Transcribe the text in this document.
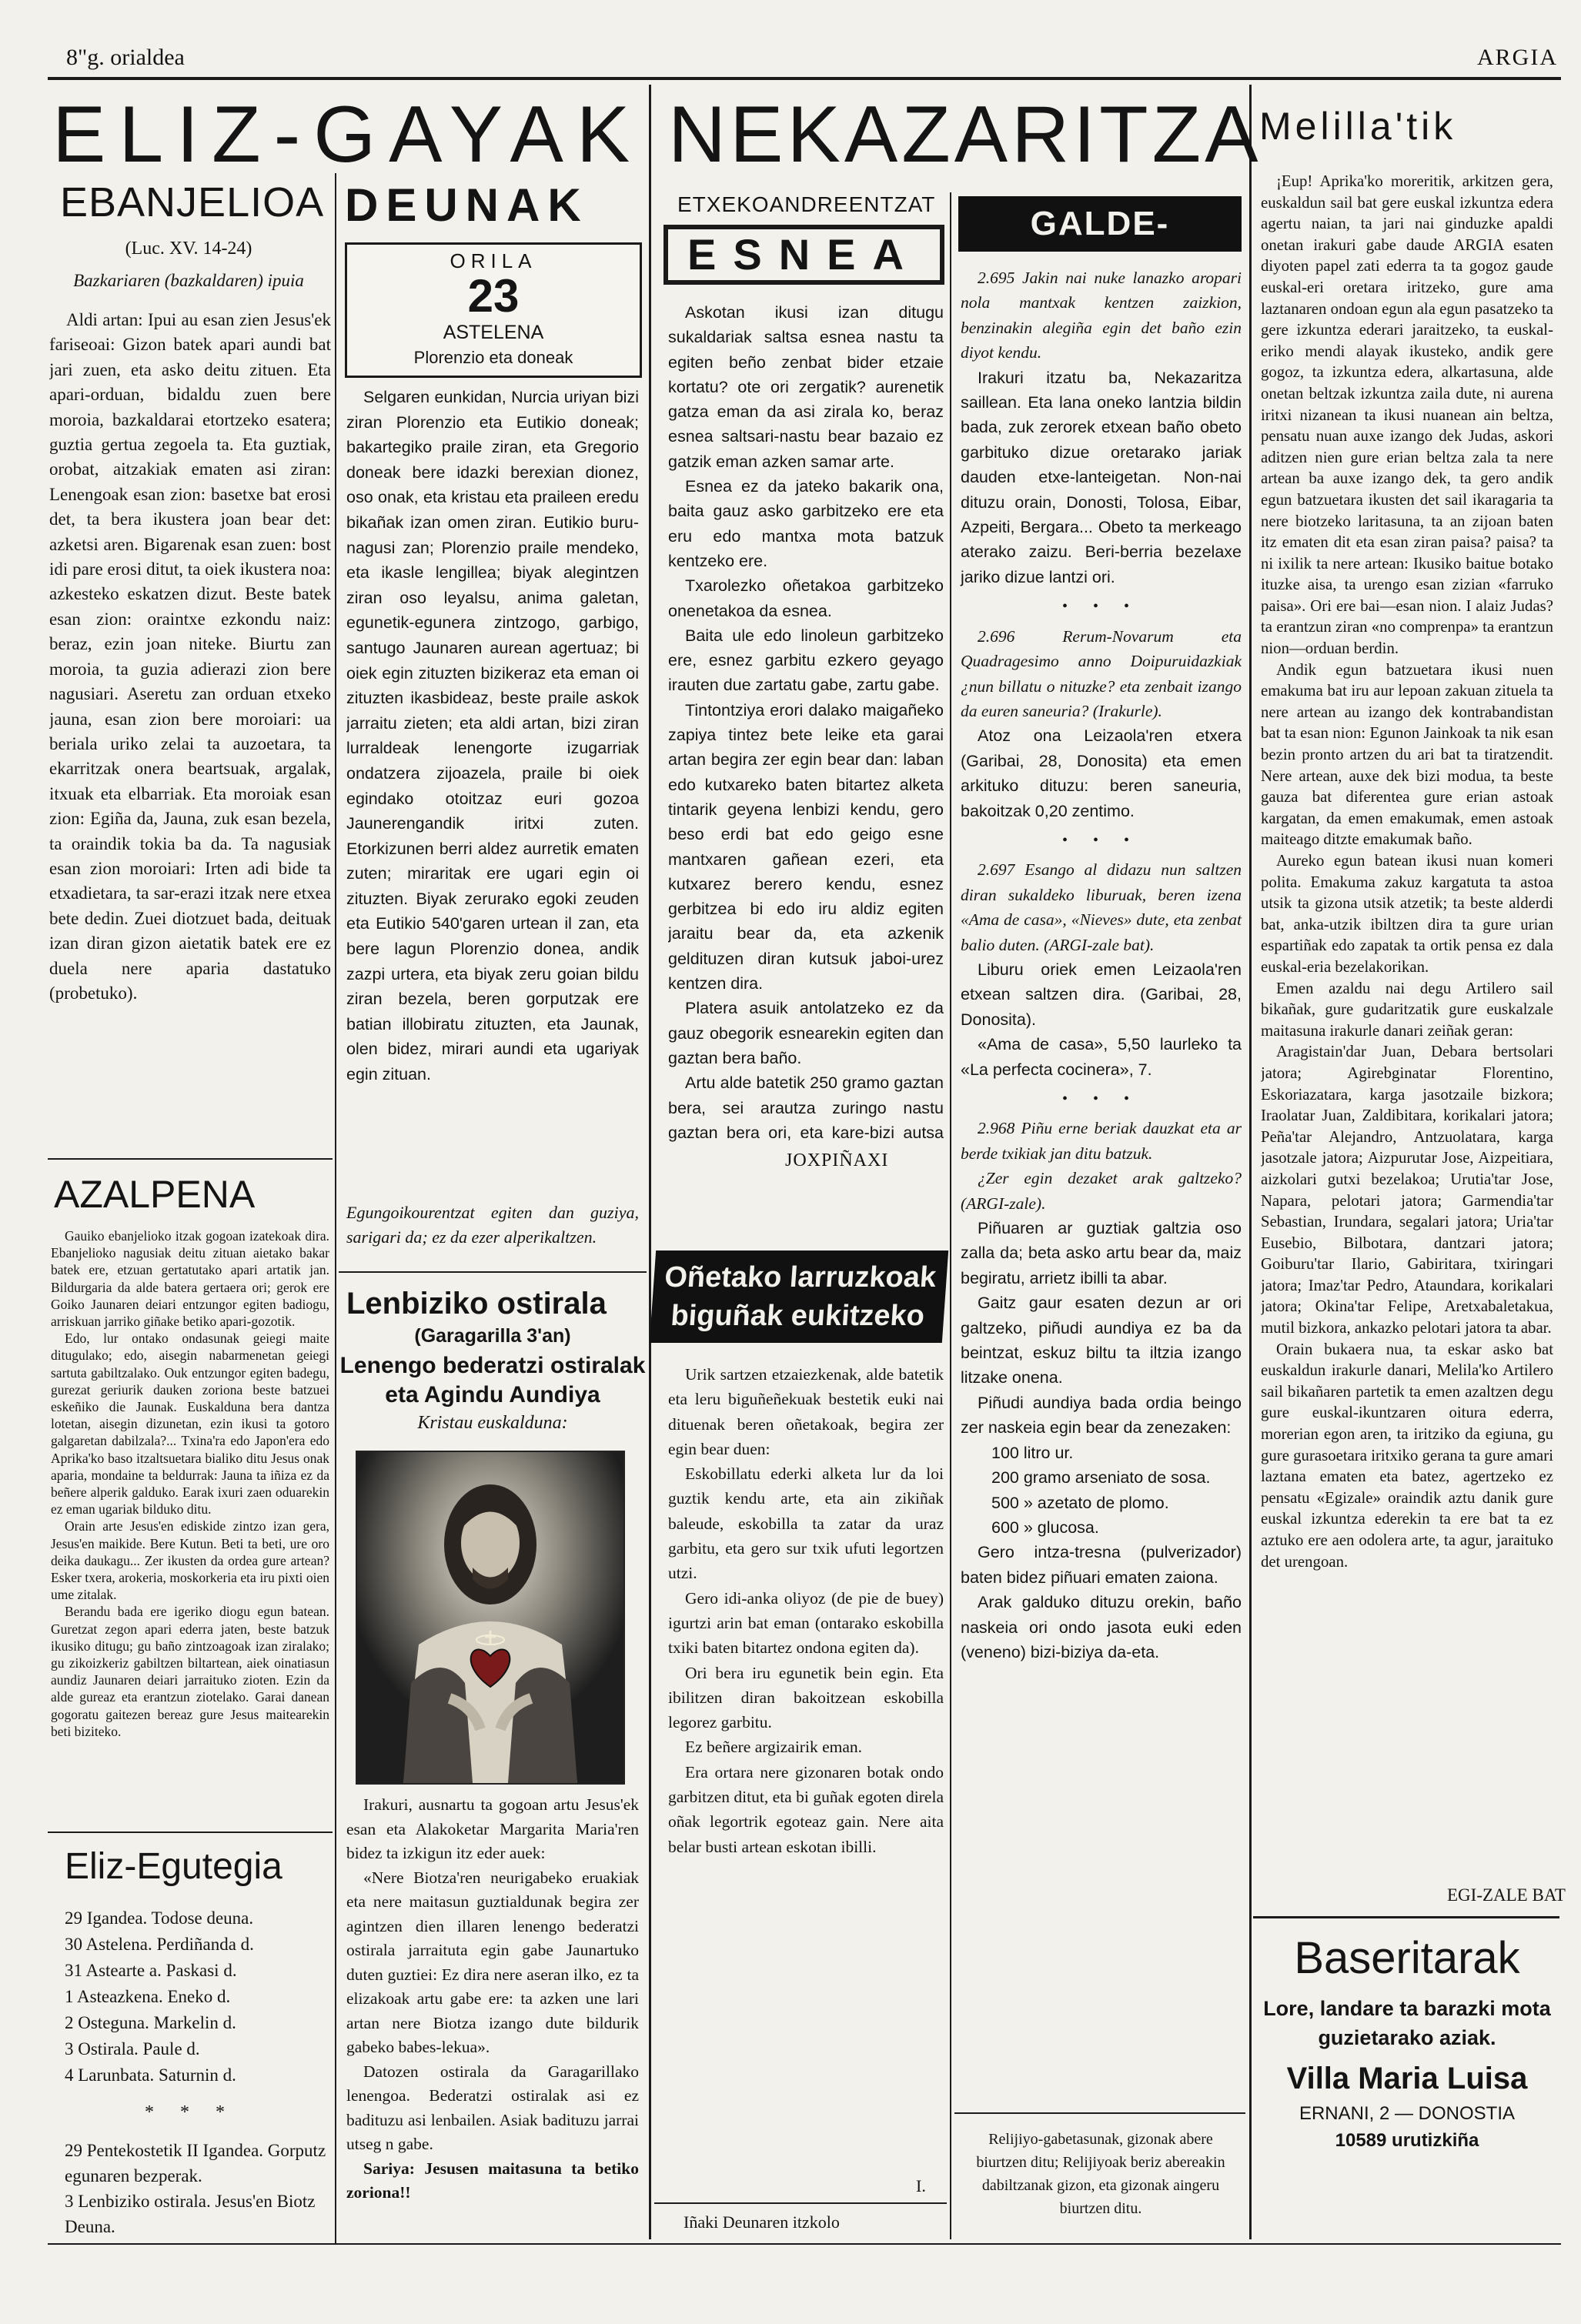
8"g. orialdea	ARGIA
ELIZ-GAYAK
EBANJELIOA DEUNAK
(Luc. XV. 14-24)
Bazkariaren (bazkaldaren) ipuia

Aldi artan: Ipui au esan zien Jesus'ek fariseoai: Gizon batek apari aundi bat jari zuen, eta asko deitu zituen. Eta apari-orduan, bidaldu zuen bere moroia, bazkaldarai etortzeko esatera; guztia gertua zegoela ta. Eta guztiak, orobat, aitzakiak ematen asi ziran: Lenengoak esan zion: basetxe bat erosi det, ta bera ikustera joan bear det: azketsi aren. Bigarenak esan zuen: bost idi pare erosi ditut, ta oiek ikustera noa: azkesteko eskatzen dizut. Beste batek esan zion: oraintxe ezkondu naiz: beraz, ezin joan niteke. Biurtu zan moroia, ta guzia adierazi zion bere nagusiari. Aseretu zan orduan etxeko jauna, esan zion bere moroiari: ua beriala uriko zelai ta auzoetara, ta ekarritzak onera beartsuak, argalak, itxuak eta elbarriak. Eta moroiak esan zion: Egiña da, Jauna, zuk esan bezela, ta oraindik tokia ba da. Ta nagusiak esan zion moroiari: Irten adi bide ta etxadietara, ta sar-erazi itzak nere etxea bete dedin. Zuei diotzuet bada, deituak izan diran gizon aietatik batek ere ez duela nere aparia dastatuko (probetuko).

AZALPENA

Gauiko ebanjelioko itzak gogoan izatekoak dira. Ebanjelioko nagusiak deitu zituan aietako bakar batek ere, etzuan gertatutako apari artatik jan. Bildurgaria da alde batera gertaera ori; gerok ere Goiko Jaunaren deiari entzungor egiten badiogu, arriskuan jarriko giñake betiko apari-gozotik.

Edo, lur ontako ondasunak geiegi maite ditugulako; edo, aisegin nabarmenetan geiegi sartuta gabiltzalako. Ouk entzungor egiten badegu, gurezat geriurik dauken zoriona beste batzuei eskeñiko die Jaunak. Euskalduna bera dantza lotetan, aisegin dizunetan, ezin ikusi ta gotoro galgaretan dabilzala?... Txina'ra edo Japon'era edo Aprika'ko baso itzaltsuetara bialiko ditu Jesus onak aparia, mondaine ta beldurrak: Jauna ta iñiza ez da beñere alperik galduko. Earak ixuri zaen oduarekin ez eman ugariak bilduko ditu.

Orain arte Jesus'en ediskide zintzo izan gera, Jesus'en maikide. Bere Kutun. Beti ta beti, ure oro deika daukagu... Zer ikusten da ordea gure artean? Esker txera, arokeria, moskorkeria eta iru pixti oien ume zitalak.

Berandu bada ere igeriko diogu egun batean. Guretzat zegon apari ederra jaten, beste batzuk ikusiko ditugu; gu baño zintzoagoak izan ziralako; gu zikoizkeriz gabiltzen biltartean, aiek oinatiasun aundiz Jaunaren deiari jarraituko zioten. Ezin da alde gureaz eta erantzun ziotelako. Garai danean gogoratu gaitezen bereaz gure Jesus maitearekin beti biziteko.

Eliz-Egutegia
29 Igandea. Todose deuna.
30 Astelena. Perdiñanda d.
31 Astearte a. Paskasi d.
1 Asteazkena. Eneko d.
2 Osteguna. Markelin d.
3 Ostirala. Paule d.
4 Larunbata. Saturnin d.
* * *
29 Pentekostetik II Igandea. Gorputz egunaren bezperak.
3 Lenbiziko ostirala. Jesus'en Biotz Deuna.
ORILA
23
ASTELENA
Plorenzio eta doneak

Selgaren eunkidan, Nurcia uriyan bizi ziran Plorenzio eta Eutikio doneak; bakartegiko praile ziran, eta Gregorio doneak bere idazki berexian dionez, oso onak, eta kristau eta praileen eredu bikañak izan omen ziran. Eutikio buru-nagusi zan; Plorenzio praile mendeko, eta ikasle lengillea; biyak alegintzen ziran oso leyalsu, anima galetan, egunetik-egunera zintzogo, garbigo, santugo Jaunaren aurean agertuaz; bi oiek egin zituzten bizikeraz eta eman oi zituzten ikasbideaz, beste praile askok jarraitu zieten; eta aldi artan, bizi ziran lurraldeak lenengorte izugarriak ondatzera zijoazela, praile bi oiek egindako otoitzaz euri gozoa Jaunerengandik iritxi zuten. Etorkizunen berri aldez aurretik ematen zuten; miraritak ere ugari egin oi zituzten. Biyak zerurako egoki zeuden eta Eutikio 540'garen urtean il zan, eta bere lagun Plorenzio donea, andik zazpi urtera, eta biyak zeru goian bildu ziran bezela, beren gorputzak ere batian illobiratu zituzten, eta Jaunak, olen bidez, mirari aundi eta ugariyak egin zituan.

Egungoikourentzat egiten dan guziya, sarigari da; ez da ezer alperikaltzen.
Lenbiziko ostirala
(Garagarilla 3'an)
Lenengo bederatzi ostiralak eta Agindu Aundiya
Kristau euskalduna:

Irakuri, ausnartu ta gogoan artu Jesus'ek esan eta Alakoketar Margarita Maria'ren bidez ta izkigun itz eder auek:

«Nere Biotza'ren neurigabeko eruakiak eta nere maitasun guztialdunak begira zer agintzen dien illaren lenengo bederatzi ostirala jarraituta egin gabe Jaunartuko duten guztiei: Ez dira nere aseran ilko, ez ta elizakoak artu gabe ere: ta azken une lari artan nere Biotza izango dute bildurik gabeko babes-lekua».

Datozen ostirala da Garagarillako lenengoa. Bederatzi ostiralak asi ez badituzu asi lenbailen. Asiak badituzu jarrai utseg n gabe.

Sariya: Jesusen maitasuna ta betiko zoriona!!

NEKAZARITZA
ETXEKOANDREENTZAT
ESNEA

Askotan ikusi izan ditugu sukaldariak saltsa esnea nastu ta egiten beño zenbat bider etzaie kortatu? ote ori zergatik? aurenetik gatza eman da asi zirala ko, beraz esnea saltsari-nastu bear bazaio ez gatzik eman azken samar arte.

Esnea ez da jateko bakarik ona, baita gauz asko garbitzeko ere eta eru edo mantxa mota batzuk kentzeko ere.

Txarolezko oñetakoa garbitzeko onenetakoa da esnea.

Baita ule edo linoleun garbitzeko ere, esnez garbitu ezkero geyago irauten due zartatu gabe, zartu gabe.

Tintontziya erori dalako maigañeko zapiya tintez bete leike eta garai artan begira zer egin bear dan: laban edo kutxareko baten bitartez alketa tintarik geyena lenbizi kendu, gero beso erdi bat edo geigo esne mantxaren gañean ezeri, eta kutxarez berero kendu, esnez gerbitzea bi edo iru aldiz egiten jaraitu bear da, eta azkenik geldituzen diran kutsuk jaboi-urez kentzen dira.

Platera asuik antolatzeko ez da gauz obegorik esnearekin egiten dan gaztan bera baño.

Artu alde batetik 250 gramo gaztan bera, sei arautza zuringo nastu gaztan bera ori, eta kare-bizi autsa

JOXPIÑAXI
Oñetako larruzkoak biguñak eukitzeko

Urik sartzen etzaiezkenak, alde batetik eta leru biguñeñekuak bestetik euki nai dituenak beren oñetakoak, begira zer egin bear duen:

Eskobillatu ederki alketa lur da loi guztik kendu arte, eta ain zikiñak baleude, eskobilla ta zatar da uraz garbitu, eta gero sur txik ufuti legortzen utzi.

Gero idi-anka oliyoz (de pie de buey) igurtzi arin bat eman (ontarako eskobilla txiki baten bitartez ondona egiten da).

Ori bera iru egunetik bein egin. Eta ibilitzen diran bakoitzean eskobilla legorez garbitu.

Ez beñere argizairik eman.

Era ortara nere gizonaren botak ondo garbitzen ditut, eta bi guñak egoten direla oñak legortrik egoteaz gain. Nere aita belar busti artean eskotan ibilli.

I.
Iñaki Deunaren itzkolo
GALDE-

2.695 Jakin nai nuke lanazko aropari nola mantxak kentzen zaizkion, benzinakin alegiña egin det baño ezin diyot kendu.

Irakuri itzatu ba, Nekazaritza saillean. Eta lana oneko lantzia bildin bada, zuk zerorek etxean baño obeto garbituko dizue oretarako jariak dauden etxe-lanteigetan. Non-nai dituzu orain, Donosti, Tolosa, Eibar, Azpeiti, Bergara... Obeto ta merkeago aterako zaizu. Beri-berria bezelaxe jariko dizue lantzi ori.

• • •

2.696 Rerum-Novarum eta Quadragesimo anno Doipuruidazkiak ¿nun billatu o nituzke? eta zenbait izango da euren saneuria? (Irakurle).

Atoz ona Leizaola'ren etxera (Garibai, 28, Donosita) eta emen arkituko dituzu: beren saneuria, bakoitzak 0,20 zentimo.

• • •

2.697 Esango al didazu nun saltzen diran sukaldeko liburuak, beren izena «Ama de casa», «Nieves» dute, eta zenbat balio duten. (ARGI-zale bat).

Liburu oriek emen Leizaola'ren etxean saltzen dira. (Garibai, 28, Donosita).

«Ama de casa», 5,50 laurleko ta «La perfecta cocinera», 7.

• • •

2.968 Piñu erne beriak dauzkat eta ar berde txikiak jan ditu batzuk.

¿Zer egin dezaket arak galtzeko? (ARGI-zale).

Piñuaren ar guztiak galtzia oso zalla da; beta asko artu bear da, maiz begiratu, arrietz ibilli ta abar.

Gaitz gaur esaten dezun ar ori galtzeko, piñudi aundiya ez ba da beintzat, eskuz biltu ta iltzia izango litzake onena.

Piñudi aundiya bada ordia beingo zer naskeia egin bear da zenezaken:

100 litro ur.
200 gramo arseniato de sosa.
500 » azetato de plomo.
600 » glucosa.

Gero intza-tresna (pulverizador) baten bidez piñuari ematen zaiona.

Arak galduko dituzu orekin, baño naskeia ori ondo jasota euki eden (veneno) bizi-biziya da-eta.

Relijiyo-gabetasunak, gizonak abere biurtzen ditu; Relijiyoak beriz abereakin dabiltzanak gizon, eta gizonak aingeru biurtzen ditu.
Melilla'tik

¡Eup! Aprika'ko moreritik, arkitzen gera, euskaldun sail bat gere euskal izkuntza edera agertu naian, ta jari nai ginduzke apaldi onetan irakuri gabe daude ARGIA esaten diyoten papel zati ederra ta ta gogoz gaude euskal-eri oretara iritzeko, gure ama laztanaren ondoan egun ala egun pasatzeko ta gere izkuntza ederari jaraitzeko, ta euskal-eriko mendi alayak ikusteko, andik gere gogoz, ta izkuntza edera, alkartasuna, alde onetan beltzak izkuntza zaila dute, ni aurena iritxi nizanean ta ikusi nuanean ain beltza, pensatu nuan auxe izango dek Judas, askori aditzen nien gure erian beltza zala ta nere artean ba auxe izango dek, ta gero andik egun batzuetara ikusten det sail ikaragaria ta nere biotzeko laritasuna, ta an zijoan baten itz ematen dit eta esan ziran paisa? paisa? ta ni ixilik ta nere artean: Ikusiko baitue botako ituzke aisa, ta urengo esan zizian «farruko paisa». Ori ere bai—esan nion. I alaiz Judas? ta erantzun ziran «no comprenpa» ta erantzun nion—orduan berdin.

Andik egun batzuetara ikusi nuen emakuma bat iru aur lepoan zakuan zituela ta nere artean au izango dek kontrabandistan bat ta esan nion: Egunon Jainkoak ta nik esan bezin pronto artzen du ari bat ta tiratzendit. Nere artean, auxe dek bizi modua, ta beste gauza bat diferentea gure erian astoak kargatan, da emen emakumak, emen astoak maiteago ditzte emakumak baño.

Aureko egun batean ikusi nuan komeri polita. Emakuma zakuz kargatuta ta astoa utsik ta gizona utsik atzetik; ta beste alderdi bat, anka-utzik ibiltzen dira ta gure urian espartiñak edo zapatak ta ortik pensa ez dala euskal-eria bezelakorikan.

Emen azaldu nai degu Artilero sail bikañak, gure gudaritzatik gure euskalzale maitasuna irakurle danari zeiñak geran:

Aragistain'dar Juan, Debara bertsolari jatora; Agirebginatar Florentino, Eskoriazatara, karga jasotzaile bizkora; Iraolatar Juan, Zaldibitara, korikalari jatora; Peña'tar Alejandro, Antzuolatara, karga jasotzale jatora; Aizpurutar Jose, Aizpeitiara, aizkolari gutxi bezelakoa; Urutia'tar Jose, Napara, pelotari jatora; Garmendia'tar Sebastian, Irundara, segalari jatora; Uria'tar Eusebio, Bilbotara, dantzari jatora; Goiburu'tar Ilario, Gabiritara, txiringari jatora; Imaz'tar Pedro, Ataundara, korikalari jatora; Okina'tar Felipe, Aretxabaletakua, mutil bizkora, ankazko pelotari jatora ta abar.

Orain bukaera nua, ta eskar asko bat euskaldun irakurle danari, Melila'ko Artilero sail bikañaren partetik ta emen azaltzen degu gure euskal-ikuntzaren oitura ederra, morerian egon aren, ta iritziko da egiuna, gu gure gurasoetara iritxiko gerana ta gure amari laztana ematen eta batez, agertzeko ez pensatu «Egizale» oraindik aztu danik gure euskal izkuntza ederekin ta ere bat ta ez aztuko ere aen odolera arte, ta agur, jaraituko det urengoan.

EGI-ZALE BAT
Baseritarak
Lore, landare ta barazki mota guzietarako aziak.
Villa Maria Luisa
ERNANI, 2 — DONOSTIA
10589 urutizkiña
